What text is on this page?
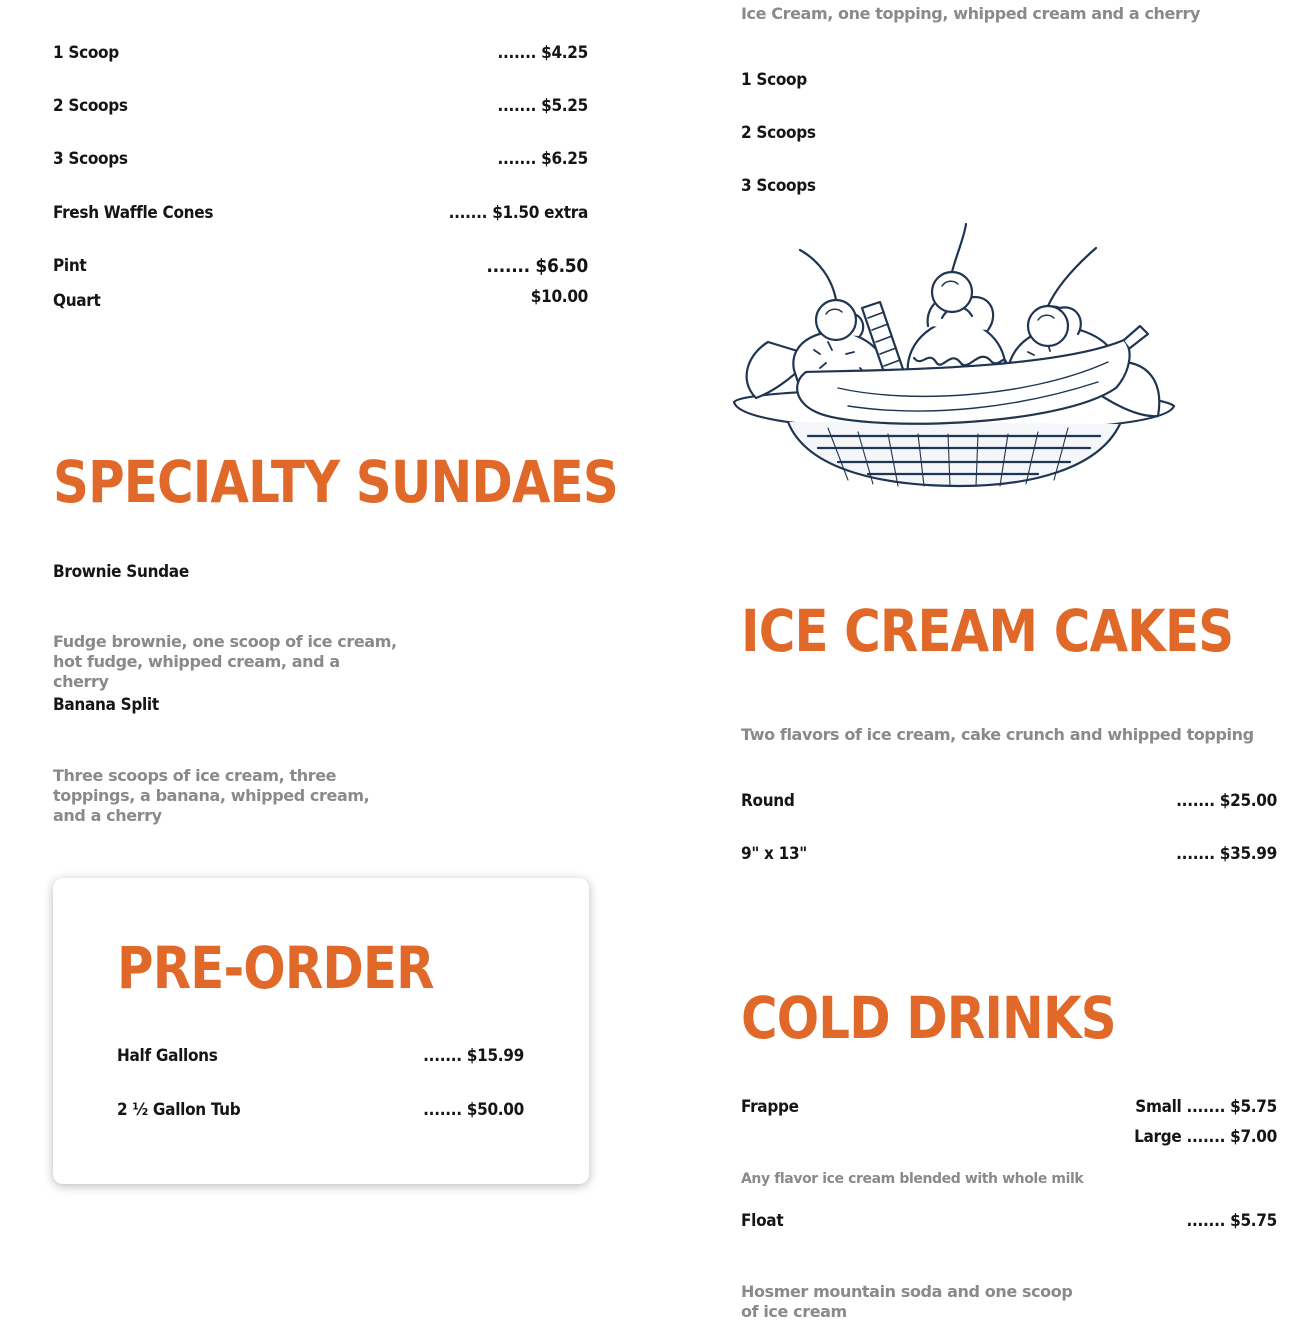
1 Scoop	....... $4.25
2 Scoops	....... $5.25
3 Scoops	....... $6.25
Fresh Waffle Cones	....... $1.50 extra
Pint	....... $6.50
Quart	$10.00
SPECIALTY SUNDAES
Brownie Sundae
Fudge brownie, one scoop of ice cream, hot fudge, whipped cream, and a cherry
Banana Split
Three scoops of ice cream, three toppings, a banana, whipped cream, and a cherry
PRE-ORDER
Half Gallons	....... $15.99
2 ½ Gallon Tub	....... $50.00
Ice Cream, one topping, whipped cream and a cherry
1 Scoop
2 Scoops
3 Scoops
ICE CREAM CAKES
Two flavors of ice cream, cake crunch and whipped topping
Round	....... $25.00
9" x 13"	....... $35.99
COLD DRINKS
Frappe	Small ....... $5.75
Large ....... $7.00
Any flavor ice cream blended with whole milk
Float	....... $5.75
Hosmer mountain soda and one scoop of ice cream
